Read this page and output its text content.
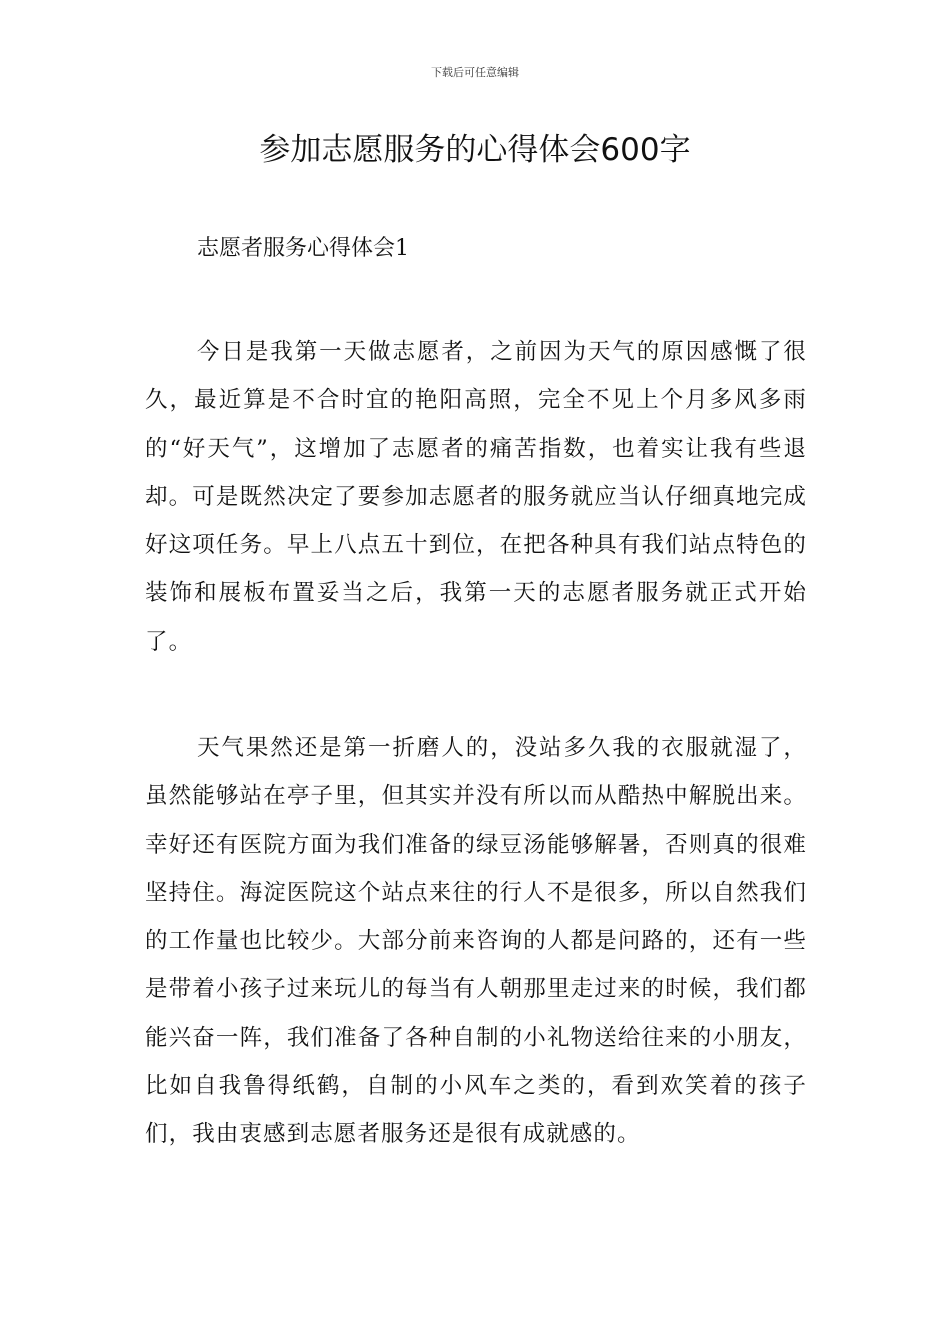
下载后可任意编辑
参加志愿服务的心得体会600字
志愿者服务心得体会1

今日是我第一天做志愿者，之前因为天气的原因感慨了很久，最近算是不合时宜的艳阳高照，完全不见上个月多风多雨的“好天气”，这增加了志愿者的痛苦指数，也着实让我有些退却。可是既然决定了要参加志愿者的服务就应当认仔细真地完成好这项任务。早上八点五十到位，在把各种具有我们站点特色的装饰和展板布置妥当之后，我第一天的志愿者服务就正式开始了。

天气果然还是第一折磨人的，没站多久我的衣服就湿了，虽然能够站在亭子里，但其实并没有所以而从酷热中解脱出来。幸好还有医院方面为我们准备的绿豆汤能够解暑，否则真的很难坚持住。海淀医院这个站点来往的行人不是很多，所以自然我们的工作量也比较少。大部分前来咨询的人都是问路的，还有一些是带着小孩子过来玩儿的每当有人朝那里走过来的时候，我们都能兴奋一阵，我们准备了各种自制的小礼物送给往来的小朋友，比如自我鲁得纸鹤，自制的小风车之类的，看到欢笑着的孩子们，我由衷感到志愿者服务还是很有成就感的。
